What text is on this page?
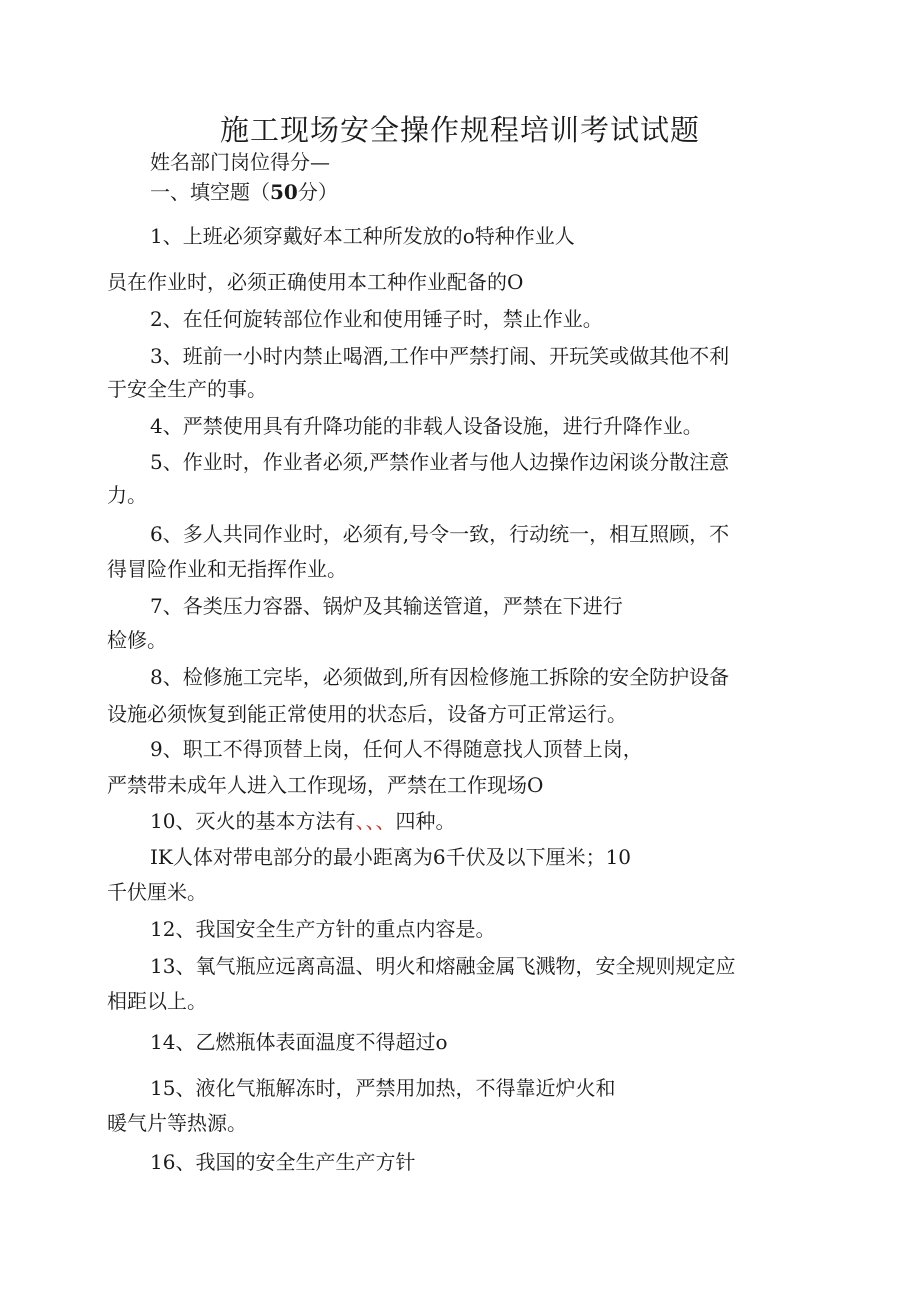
施工现场安全操作规程培训考试试题
姓名部门岗位得分—
一、填空题（50分）
1、上班必须穿戴好本工种所发放的o特种作业人
员在作业时，必须正确使用本工种作业配备的O
2、在任何旋转部位作业和使用锤子时，禁止作业。
3、班前一小时内禁止喝酒,工作中严禁打闹、开玩笑或做其他不利
于安全生产的事。
4、严禁使用具有升降功能的非载人设备设施，进行升降作业。
5、作业时，作业者必须,严禁作业者与他人边操作边闲谈分散注意
力。
6、多人共同作业时，必须有,号令一致，行动统一，相互照顾，不
得冒险作业和无指挥作业。
7、各类压力容器、锅炉及其输送管道，严禁在下进行
检修。
8、检修施工完毕，必须做到,所有因检修施工拆除的安全防护设备
设施必须恢复到能正常使用的状态后，设备方可正常运行。
9、职工不得顶替上岗，任何人不得随意找人顶替上岗，
严禁带未成年人进入工作现场，严禁在工作现场O
10、灭火的基本方法有、、、四种。
IK人体对带电部分的最小距离为6千伏及以下厘米；10
千伏厘米。
12、我国安全生产方针的重点内容是。
13、氧气瓶应远离高温、明火和熔融金属飞溅物，安全规则规定应
相距以上。
14、乙燃瓶体表面温度不得超过o
15、液化气瓶解冻时，严禁用加热，不得靠近炉火和
暖气片等热源。
16、我国的安全生产生产方针
